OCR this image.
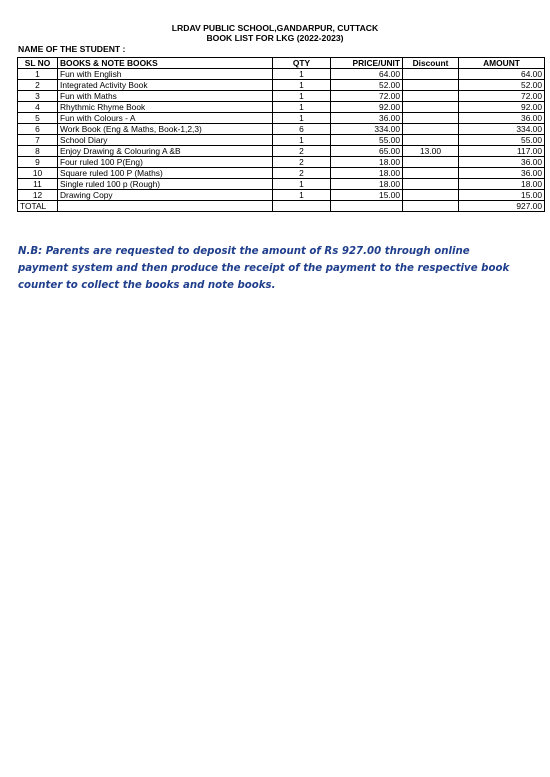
LRDAV PUBLIC SCHOOL,GANDARPUR, CUTTACK
BOOK LIST FOR LKG (2022-2023)
NAME OF THE STUDENT :
SL NO	BOOKS & NOTE BOOKS	QTY	PRICE/UNIT	Discount	AMOUNT
1	Fun with English	1	64.00		64.00
2	Integrated Activity Book	1	52.00		52.00
3	Fun with Maths	1	72.00		72.00
4	Rhythmic Rhyme Book	1	92.00		92.00
5	Fun with Colours - A	1	36.00		36.00
6	Work Book (Eng & Maths, Book-1,2,3)	6	334.00		334.00
7	School Diary	1	55.00		55.00
8	Enjoy Drawing & Colouring A &B	2	65.00	13.00	117.00
9	Four ruled 100 P(Eng)	2	18.00		36.00
10	Square ruled 100 P (Maths)	2	18.00		36.00
11	Single ruled 100 p (Rough)	1	18.00		18.00
12	Drawing Copy	1	15.00		15.00
TOTAL					927.00
N.B: Parents are requested to deposit the amount of Rs 927.00 through online payment system and then produce the receipt of the payment to the respective book counter to collect the books and note books.
